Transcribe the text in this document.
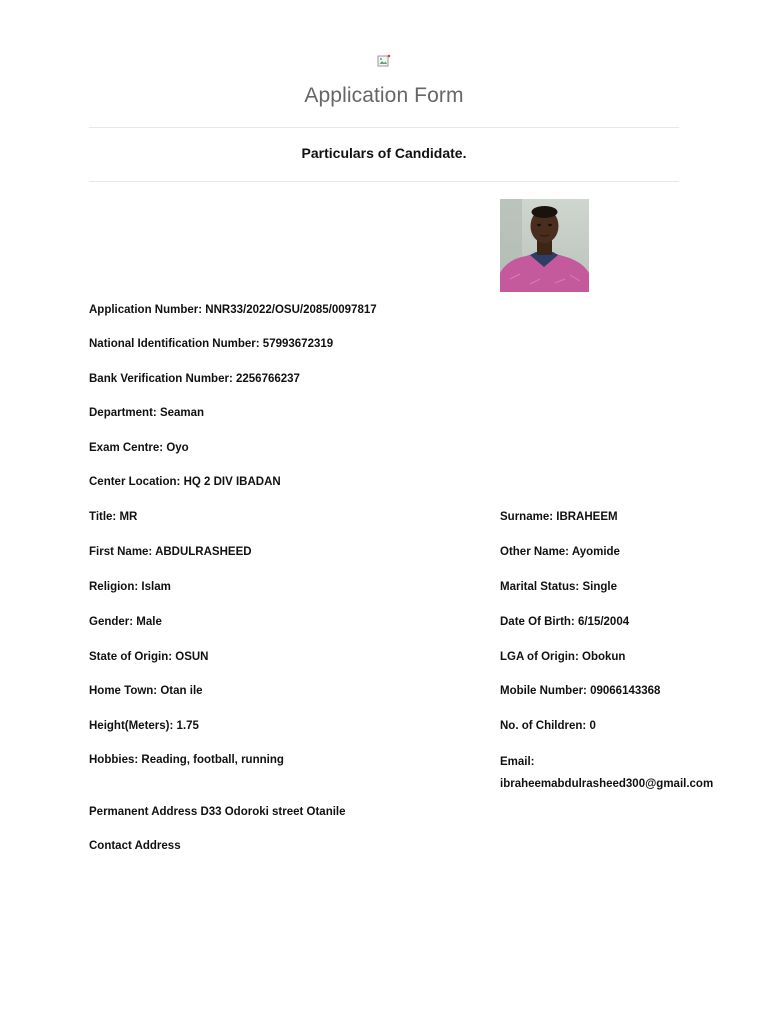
Application Form
Particulars of Candidate.
Application Number: NNR33/2022/OSU/2085/0097817
National Identification Number: 57993672319
Bank Verification Number: 2256766237
Department: Seaman
Exam Centre: Oyo
Center Location: HQ 2 DIV IBADAN
Title: MR
First Name: ABDULRASHEED
Religion: Islam
Gender: Male
State of Origin: OSUN
Home Town: Otan ile
Height(Meters): 1.75
Hobbies: Reading, football, running
Permanent Address D33 Odoroki street Otanile
Contact Address
Surname: IBRAHEEM
Other Name: Ayomide
Marital Status: Single
Date Of Birth: 6/15/2004
LGA of Origin: Obokun
Mobile Number: 09066143368
No. of Children: 0
Email:
ibraheemabdulrasheed300@gmail.com
